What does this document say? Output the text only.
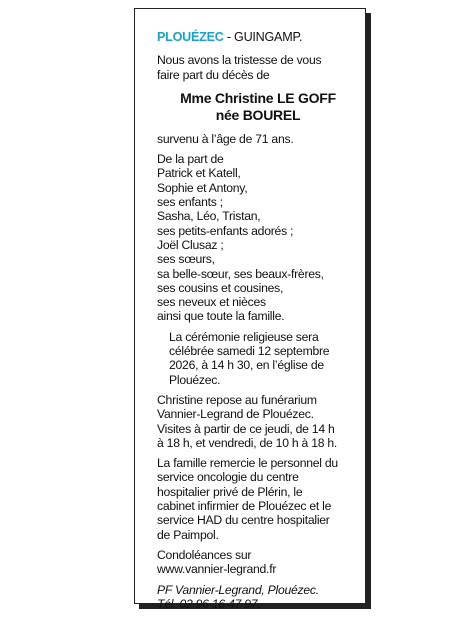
PLOUÉZEC - GUINGAMP.
Nous avons la tristesse de vous
faire part du décès de
Mme Christine LE GOFF
née BOUREL
survenu à l’âge de 71 ans.
De la part de
Patrick et Katell,
Sophie et Antony,
ses enfants ;
Sasha, Léo, Tristan,
ses petits-enfants adorés ;
Joël Clusaz ;
ses sœurs,
sa belle-sœur, ses beaux-frères,
ses cousins et cousines,
ses neveux et nièces
ainsi que toute la famille.
La cérémonie religieuse sera
célébrée samedi 12 septembre
2026, à 14 h 30, en l’église de
Plouézec.
Christine repose au funérarium
Vannier-Legrand de Plouézec.
Visites à partir de ce jeudi, de 14 h
à 18 h, et vendredi, de 10 h à 18 h.
La famille remercie le personnel du
service oncologie du centre
hospitalier privé de Plérin, le
cabinet infirmier de Plouézec et le
service HAD du centre hospitalier
de Paimpol.
Condoléances sur
www.vannier-legrand.fr
PF Vannier-Legrand, Plouézec.
Tél. 02 96 16 47 97.
